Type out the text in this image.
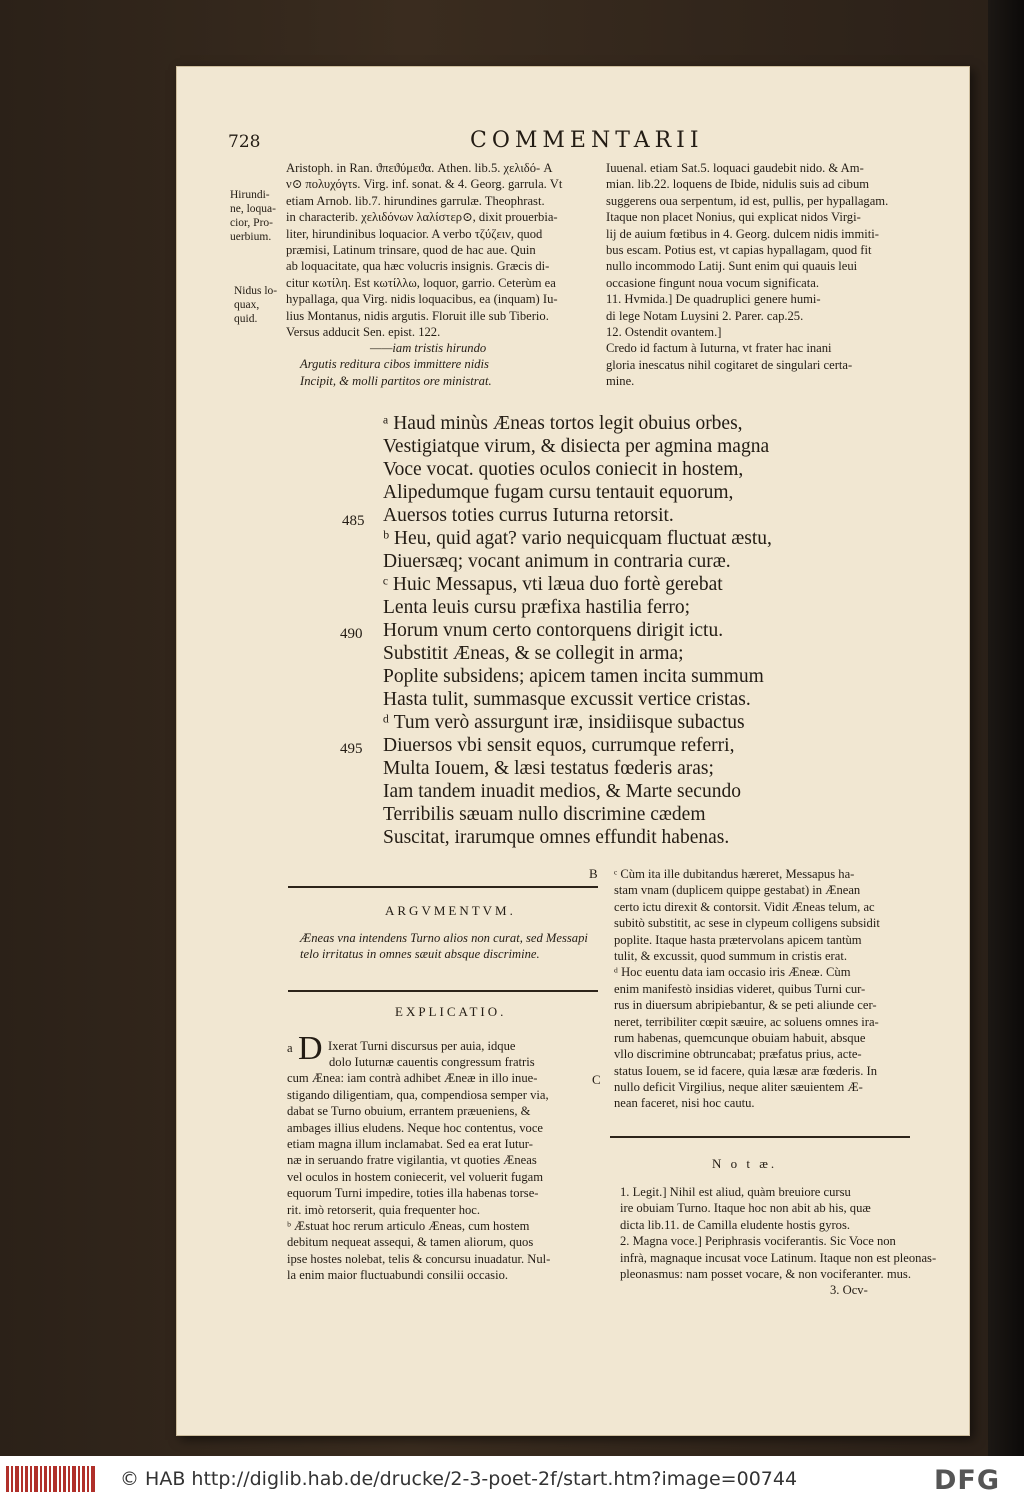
728	COMMENTARII

Hirundi-
ne, loqua-
cior, Pro-
uerbium.
Nidus lo-
quax,
quid.
Aristoph. in Ran. ϑπεϑύμεϑα. Athen. lib.5. χελιδό- A
ν⊙ πολυχόγτs. Virg. inf. sonat. & 4. Georg. garrula. Vt
etiam Arnob. lib.7. hirundines garrulæ. Theophrast.
in characterib. χελιδόνων λαλίστερ⊙, dixit prouerbia-
liter, hirundinibus loquacior. A verbo τζύζειν, quod
præmisi, Latinum trinsare, quod de hac aue. Quin
ab loquacitate, qua hæc volucris insignis. Græcis di-
citur κωτίλη. Est κωτίλλω, loquor, garrio. Ceterùm ea
hypallaga, qua Virg. nidis loquacibus, ea (inquam) Iu-
lius Montanus, nidis argutis. Floruit ille sub Tiberio.
Versus adducit Sen. epist. 122.
——iam tristis hirundo
Argutis reditura cibos immittere nidis
Incipit, & molli partitos ore ministrat.
Iuuenal. etiam Sat.5. loquaci gaudebit nido. & Am-
mian. lib.22. loquens de Ibide, nidulis suis ad cibum
suggerens oua serpentum, id est, pullis, per hypallagam.
Itaque non placet Nonius, qui explicat nidos Virgi-
lij de auium fœtibus in 4. Georg. dulcem nidis immiti-
bus escam. Potius est, vt capias hypallagam, quod fit
nullo incommodo Latij. Sunt enim qui quauis leui
occasione fingunt noua vocum significata.
11. Hvmida.] De quadruplici genere humi-
di lege Notam Luysini 2. Parer. cap.25.
12. Ostendit ovantem.]
Credo id factum à Iuturna, vt frater hac inani
gloria inescatus nihil cogitaret de singulari certa-
mine.
ᵃ Haud minùs Æneas tortos legit obuius orbes,
Vestigiatque virum, & disiecta per agmina magna
Voce vocat. quoties oculos coniecit in hostem,
Alipedumque fugam cursu tentauit equorum,
Auersos toties currus Iuturna retorsit.
ᵇ Heu, quid agat? vario nequicquam fluctuat æstu,
Diuersæq; vocant animum in contraria curæ.
ᶜ Huic Messapus, vti læua duo fortè gerebat
Lenta leuis cursu præfixa hastilia ferro;
Horum vnum certo contorquens dirigit ictu.
Substitit Æneas, & se collegit in arma;
Poplite subsidens; apicem tamen incita summum
Hasta tulit, summasque excussit vertice cristas.
ᵈ Tum verò assurgunt iræ, insidiisque subactus
Diuersos vbi sensit equos, currumque referri,
Multa Iouem, & læsi testatus fœderis aras;
Iam tandem inuadit medios, & Marte secundo
Terribilis sæuam nullo discrimine cædem
Suscitat, irarumque omnes effundit habenas.

485

490

495

B

C

ARGVMENTVM.

Æneas vna intendens Turno alios non curat, sed Messapi
telo irritatus in omnes sæuit absque discrimine.

EXPLICATIO.

a D Ixerat Turni discursus per auia, idque

dolo Iuturnæ cauentis congressum fratris
cum Ænea: iam contrà adhibet Æneæ in illo inue-
stigando diligentiam, qua, compendiosa semper via,
dabat se Turno obuium, errantem præueniens, &
ambages illius eludens. Neque hoc contentus, voce
etiam magna illum inclamabat. Sed ea erat Iutur-
næ in seruando fratre vigilantia, vt quoties Æneas
vel oculos in hostem coniecerit, vel voluerit fugam
equorum Turni impedire, toties illa habenas torse-
rit. imò retorserit, quia frequenter hoc.
ᵇ Æstuat hoc rerum articulo Æneas, cum hostem
debitum nequeat assequi, & tamen aliorum, quos
ipse hostes nolebat, telis & concursu inuadatur. Nul-
la enim maior fluctuabundi consilii occasio.
ᶜ Cùm ita ille dubitandus hæreret, Messapus ha-
stam vnam (duplicem quippe gestabat) in Ænean
certo ictu direxit & contorsit. Vidit Æneas telum, ac
subitò substitit, ac sese in clypeum colligens subsidit
poplite. Itaque hasta prætervolans apicem tantùm
tulit, & excussit, quod summum in cristis erat.
ᵈ Hoc euentu data iam occasio iris Æneæ. Cùm
enim manifestò insidias videret, quibus Turni cur-
rus in diuersum abripiebantur, & se peti aliunde cer-
neret, terribiliter cœpit sæuire, ac soluens omnes ira-
rum habenas, quemcunque obuiam habuit, absque
vllo discrimine obtruncabat; præfatus prius, acte-
status Iouem, se id facere, quia læsæ aræ fœderis. In
nullo deficit Virgilius, neque aliter sæuientem Æ-
nean faceret, nisi hoc cautu.

N o t æ.

1. Legit.] Nihil est aliud, quàm breuiore cursu
ire obuiam Turno. Itaque hoc non abit ab his, quæ
dicta lib.11. de Camilla eludente hostis gyros.
2. Magna voce.] Periphrasis vociferantis. Sic Voce non
infrà, magnaque incusat voce Latinum. Itaque non est pleonas-
pleonasmus: nam posset vocare, & non vociferanter. mus.
3. Ocv-
© HAB http://diglib.hab.de/drucke/2-3-poet-2f/start.htm?image=00744	DFG
